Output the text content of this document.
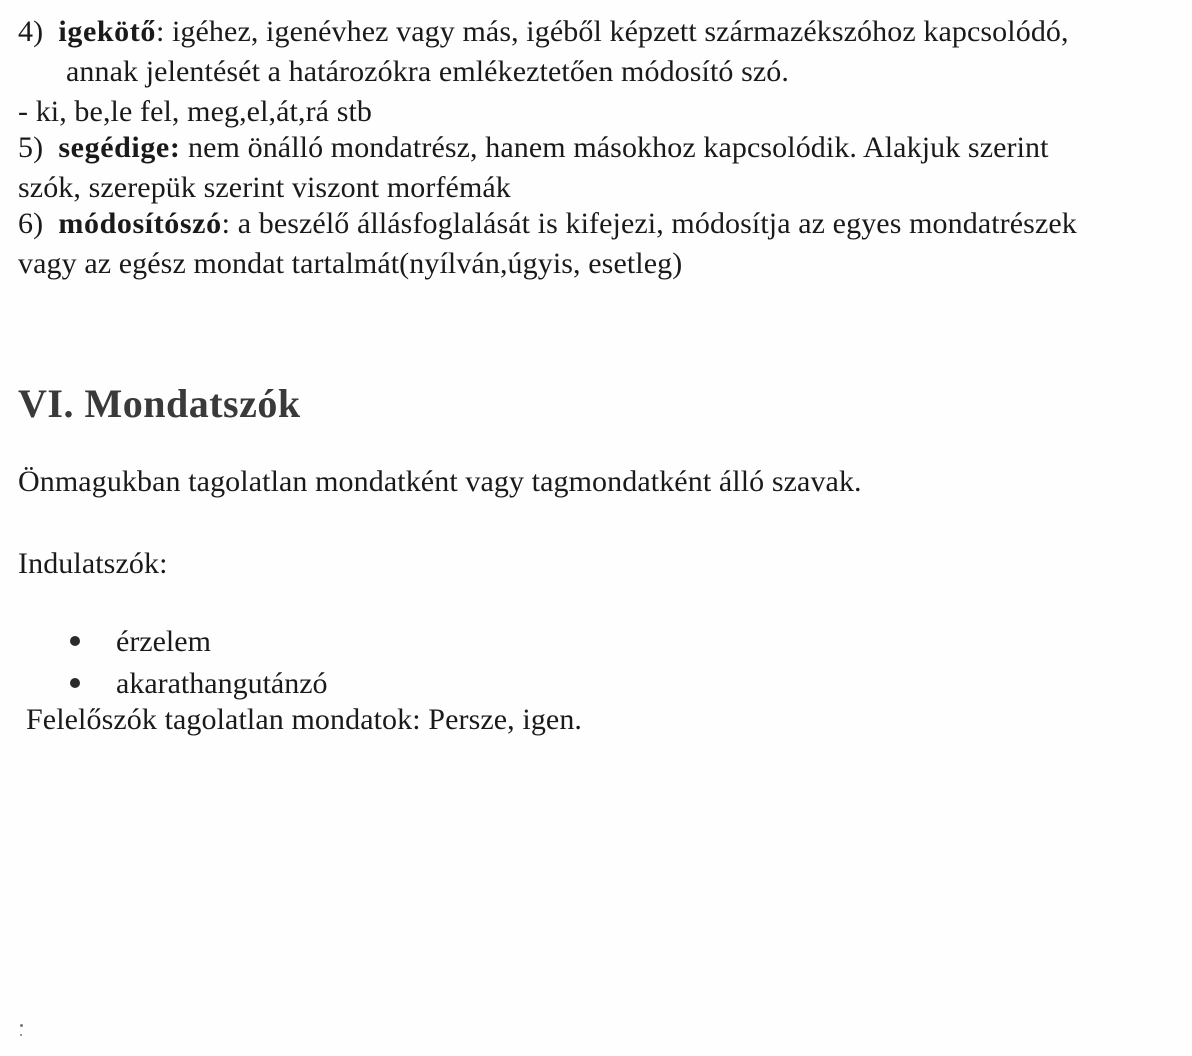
4) igekötő: igéhez, igenévhez vagy más, igéből képzett származékszóhoz kapcsolódó,
annak jelentését a határozókra emlékeztetően módosító szó.
- ki, be,le fel, meg,el,át,rá stb
5) segédige: nem önálló mondatrész, hanem másokhoz kapcsolódik. Alakjuk szerint
szók, szerepük szerint viszont morfémák
6) módosítószó: a beszélő állásfoglalását is kifejezi, módosítja az egyes mondatrészek
vagy az egész mondat tartalmát(nyílván,úgyis, esetleg)
VI. Mondatszók
Önmagukban tagolatlan mondatként vagy tagmondatként álló szavak.
Indulatszók:
érzelem
akarathangutánzó
Felelőszók tagolatlan mondatok: Persze, igen.
